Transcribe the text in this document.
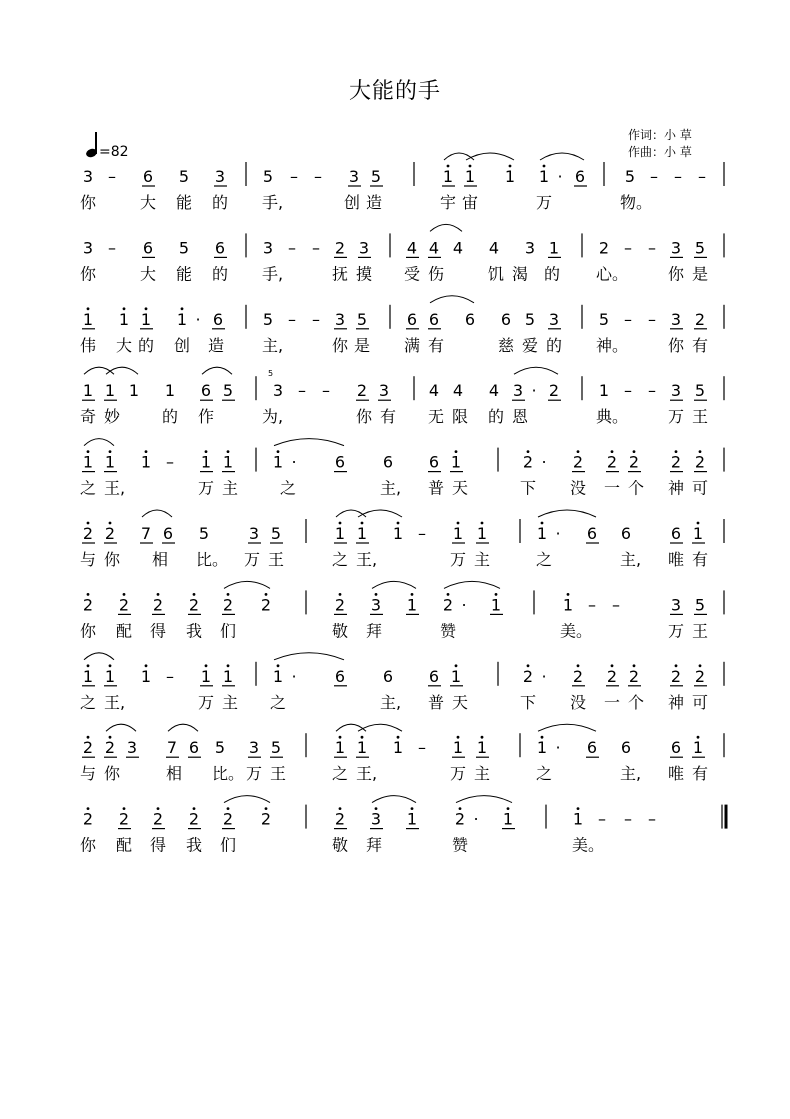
大能的手
作词：小 草
作曲：小 草
=82
3 – 6 5 3 5 – – 3 5	1 1 1 1 · 6 5 – – –
你	大 能 的 手,	创 造	宇 宙	万	物。
3 – 6 5 6 3 – – 2 3 4 4 4 4 3 1 2 – – 3 5
你	大 能 的 手,	抚 摸 受 伤	饥 渴 的 心。 你 是
1 1 1 1 · 6 5 – – 3 5 6 6 6 6 5 3 5 – – 3 2
伟 大 的 创 造 主,	你 是 满 有	慈 爱 的 神。 你 有
1 1 1 1 6 5 3 – – 2 3 4 4 4 3 · 2 1 – – 3 5
奇 妙	的 作	为,	你 有 无 限 的 恩	典。 万 王
1 1 1 – 1 1 1 · 6 6 6 1	2 · 2 2 2 2 2
之 王,	万 主	之	主, 普 天	下 没 一 个 神 可
2 2 7 6 5 3 5	1 1 1 – 1 1	1 · 6 6 6 1
与 你 相 比。 万 王	之 王,	万 主	之	主, 唯 有
2 2 2 2 2 2	2 3 1 2 · 1	1 – –	3 5
你 配 得 我 们	敬 拜	赞	美。	万 王
1 1 1 – 1 1 1 · 6 6 6 1	2 · 2 2 2 2 2
之 王,	万 主 之	主, 普 天	下 没 一 个 神 可
2 2 3 7 6 5 3 5	1 1 1 – 1 1	1 · 6 6 6 1
与 你	相 比。 万 王	之 王,	万 主	之	主, 唯 有
2 2 2 2 2 2	2 3 1 2 · 1	1 – – –
你 配 得 我 们	敬 拜	赞	美。
5
